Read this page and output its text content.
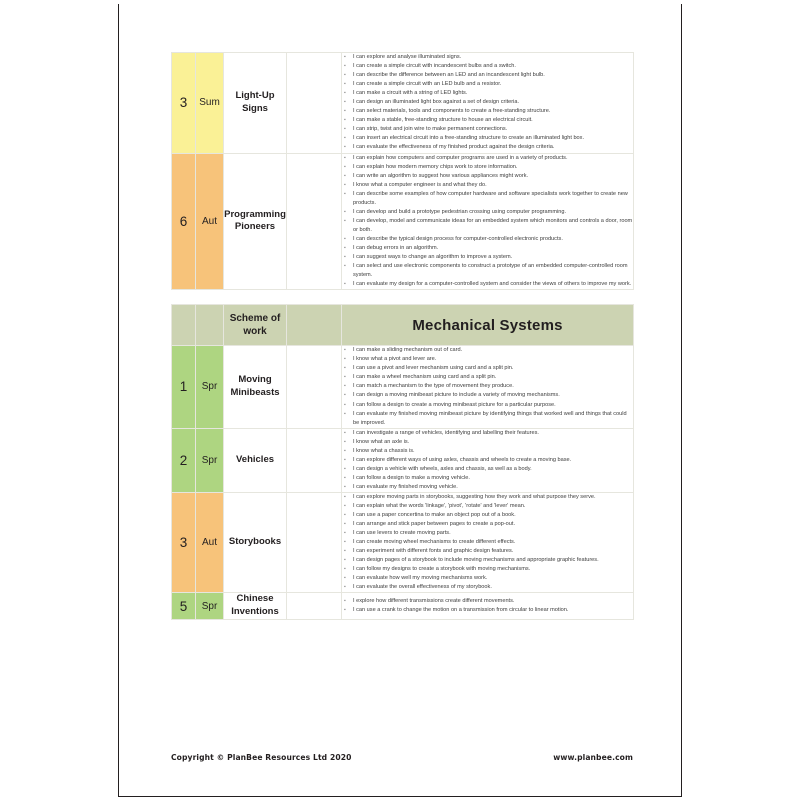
3	Sum	Light-Up Signs		
▪ I can explore and analyse illuminated signs.
▪ I can create a simple circuit with incandescent bulbs and a switch.
▪ I can describe the difference between an LED and an incandescent light bulb.
▪ I can create a simple circuit with an LED bulb and a resistor.
▪ I can make a circuit with a string of LED lights.
▪ I can design an illuminated light box against a set of design criteria.
▪ I can select materials, tools and components to create a free-standing structure.
▪ I can make a stable, free-standing structure to house an electrical circuit.
▪ I can strip, twist and join wire to make permanent connections.
▪ I can insert an electrical circuit into a free-standing structure to create an illuminated light box.
▪ I can evaluate the effectiveness of my finished product against the design criteria.

6	Aut	Programming Pioneers		
▪ I can explain how computers and computer programs are used in a variety of products.
▪ I can explain how modern memory chips work to store information.
▪ I can write an algorithm to suggest how various appliances might work.
▪ I know what a computer engineer is and what they do.
▪ I can describe some examples of how computer hardware and software specialists work together to create new products.
▪ I can develop and build a prototype pedestrian crossing using computer programming.
▪ I can develop, model and communicate ideas for an embedded system which monitors and controls a door, room or both.
▪ I can describe the typical design process for computer-controlled electronic products.
▪ I can debug errors in an algorithm.
▪ I can suggest ways to change an algorithm to improve a system.
▪ I can select and use electronic components to construct a prototype of an embedded computer-controlled room system.
▪ I can evaluate my design for a computer-controlled system and consider the views of others to improve my work.
		Scheme of work		Mechanical Systems
1	Spr	Moving Minibeasts		
▪ I can make a sliding mechanism out of card.
▪ I know what a pivot and lever are.
▪ I can use a pivot and lever mechanism using card and a split pin.
▪ I can make a wheel mechanism using card and a split pin.
▪ I can match a mechanism to the type of movement they produce.
▪ I can design a moving minibeast picture to include a variety of moving mechanisms.
▪ I can follow a design to create a moving minibeast picture for a particular purpose.
▪ I can evaluate my finished moving minibeast picture by identifying things that worked well and things that could be improved.

2	Spr	Vehicles		
▪ I can investigate a range of vehicles, identifying and labelling their features.
▪ I know what an axle is.
▪ I know what a chassis is.
▪ I can explore different ways of using axles, chassis and wheels to create a moving base.
▪ I can design a vehicle with wheels, axles and chassis, as well as a body.
▪ I can follow a design to make a moving vehicle.
▪ I can evaluate my finished moving vehicle.

3	Aut	Storybooks		
▪ I can explore moving parts in storybooks, suggesting how they work and what purpose they serve.
▪ I can explain what the words 'linkage', 'pivot', 'rotate' and 'lever' mean.
▪ I can use a paper concertina to make an object pop out of a book.
▪ I can arrange and stick paper between pages to create a pop-out.
▪ I can use levers to create moving parts.
▪ I can create moving wheel mechanisms to create different effects.
▪ I can experiment with different fonts and graphic design features.
▪ I can design pages of a storybook to include moving mechanisms and appropriate graphic features.
▪ I can follow my designs to create a storybook with moving mechanisms.
▪ I can evaluate how well my moving mechanisms work.
▪ I can evaluate the overall effectiveness of my storybook.

5	Spr	Chinese Inventions		
▪ I explore how different transmissions create different movements.
▪ I can use a crank to change the motion on a transmission from circular to linear motion.
Copyright © PlanBee Resources Ltd 2020	www.planbee.com
